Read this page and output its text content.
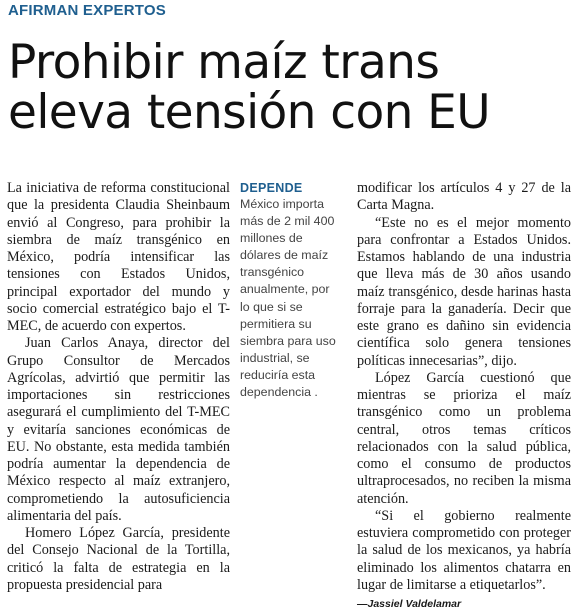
AFIRMAN EXPERTOS
Prohibir maíz trans
eleva tensión con EU

La iniciativa de reforma constitucional que la presidenta Claudia Sheinbaum envió al Congreso, para prohibir la siembra de maíz transgénico en México, podría intensificar las tensiones con Estados Unidos, principal exportador del mundo y socio comercial estratégico bajo el T-MEC, de acuerdo con expertos.

Juan Carlos Anaya, director del Grupo Consultor de Mercados Agrícolas, advirtió que permitir las importaciones sin restricciones asegurará el cumplimiento del T-MEC y evitaría sanciones económicas de EU. No obstante, esta medida también podría aumentar la dependencia de México respecto al maíz extranjero, comprometiendo la autosuficiencia alimentaria del país.

Homero López García, presidente del Consejo Nacional de la Tortilla, criticó la falta de estrategia en la propuesta presidencial para

DEPENDE
México importa más de 2 mil 400 millones de dólares de maíz transgénico anualmente, por lo que si se permitiera su siembra para uso industrial, se reduciría esta dependencia .

modificar los artículos 4 y 27 de la Carta Magna.

“Este no es el mejor momento para confrontar a Estados Unidos. Estamos hablando de una industria que lleva más de 30 años usando maíz transgénico, desde harinas hasta forraje para la ganadería. Decir que este grano es dañino sin evidencia científica solo genera tensiones políticas innecesarias”, dijo.

López García cuestionó que mientras se prioriza el maíz transgénico como un problema central, otros temas críticos relacionados con la salud pública, como el consumo de productos ultraprocesados, no reciben la misma atención.

“Si el gobierno realmente estuviera comprometido con proteger la salud de los mexicanos, ya habría eliminado los alimentos chatarra en lugar de limitarse a etiquetarlos”.

—Jassiel Valdelamar
